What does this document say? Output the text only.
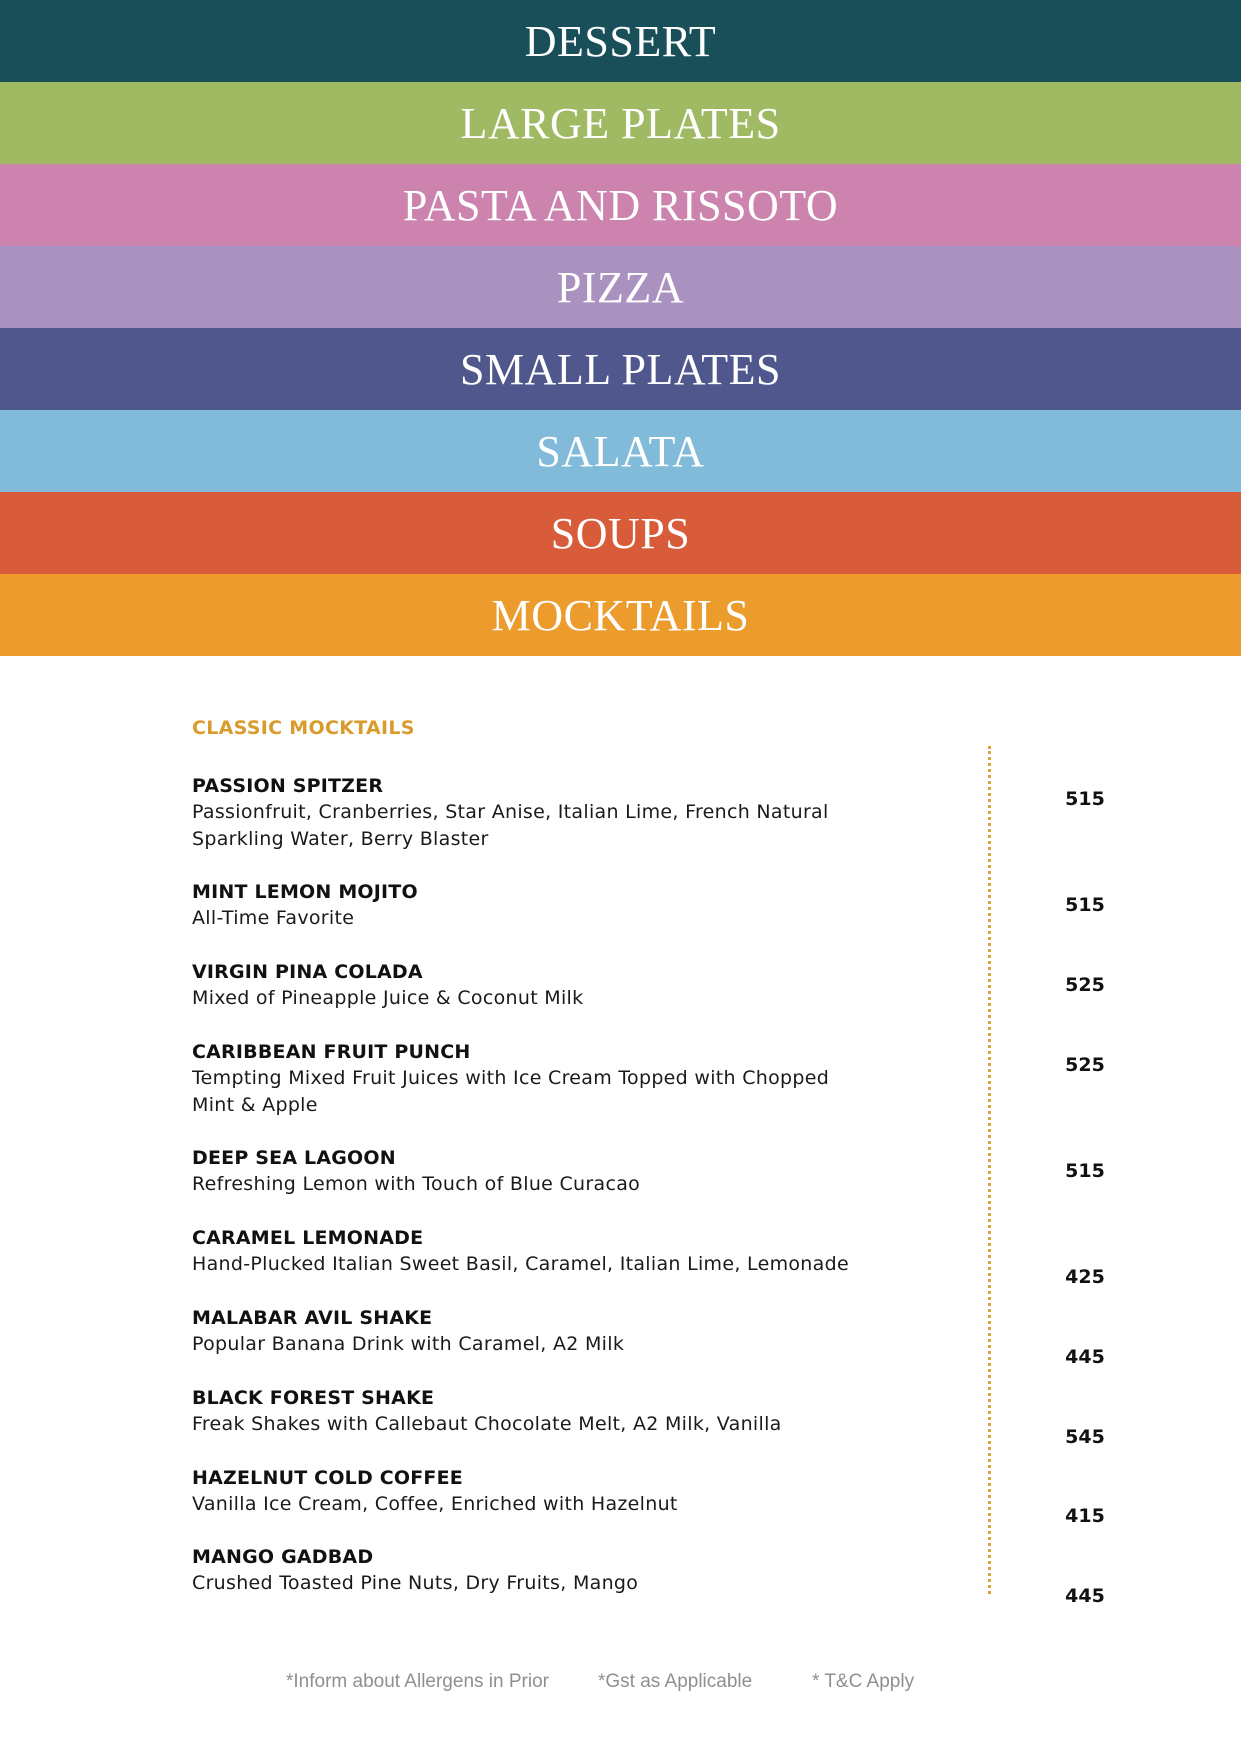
DESSERT
LARGE PLATES
PASTA AND RISSOTO
PIZZA
SMALL PLATES
SALATA
SOUPS
MOCKTAILS
CLASSIC MOCKTAILS
PASSION SPITZER
Passionfruit, Cranberries, Star Anise, Italian Lime, French Natural Sparkling Water, Berry Blaster
515
MINT LEMON MOJITO
All-Time Favorite
515
VIRGIN PINA COLADA
Mixed of Pineapple Juice & Coconut Milk
525
CARIBBEAN FRUIT PUNCH
Tempting Mixed Fruit Juices with Ice Cream Topped with Chopped Mint & Apple
525
DEEP SEA LAGOON
Refreshing Lemon with Touch of Blue Curacao
515
CARAMEL LEMONADE
Hand-Plucked Italian Sweet Basil, Caramel, Italian Lime, Lemonade
425
MALABAR AVIL SHAKE
Popular Banana Drink with Caramel, A2 Milk
445
BLACK FOREST SHAKE
Freak Shakes with Callebaut Chocolate Melt, A2 Milk, Vanilla
545
HAZELNUT COLD COFFEE
Vanilla Ice Cream, Coffee, Enriched with Hazelnut
415
MANGO GADBAD
Crushed Toasted Pine Nuts, Dry Fruits, Mango
445
*Inform about Allergens in Prior	*Gst as Applicable	* T&C Apply
